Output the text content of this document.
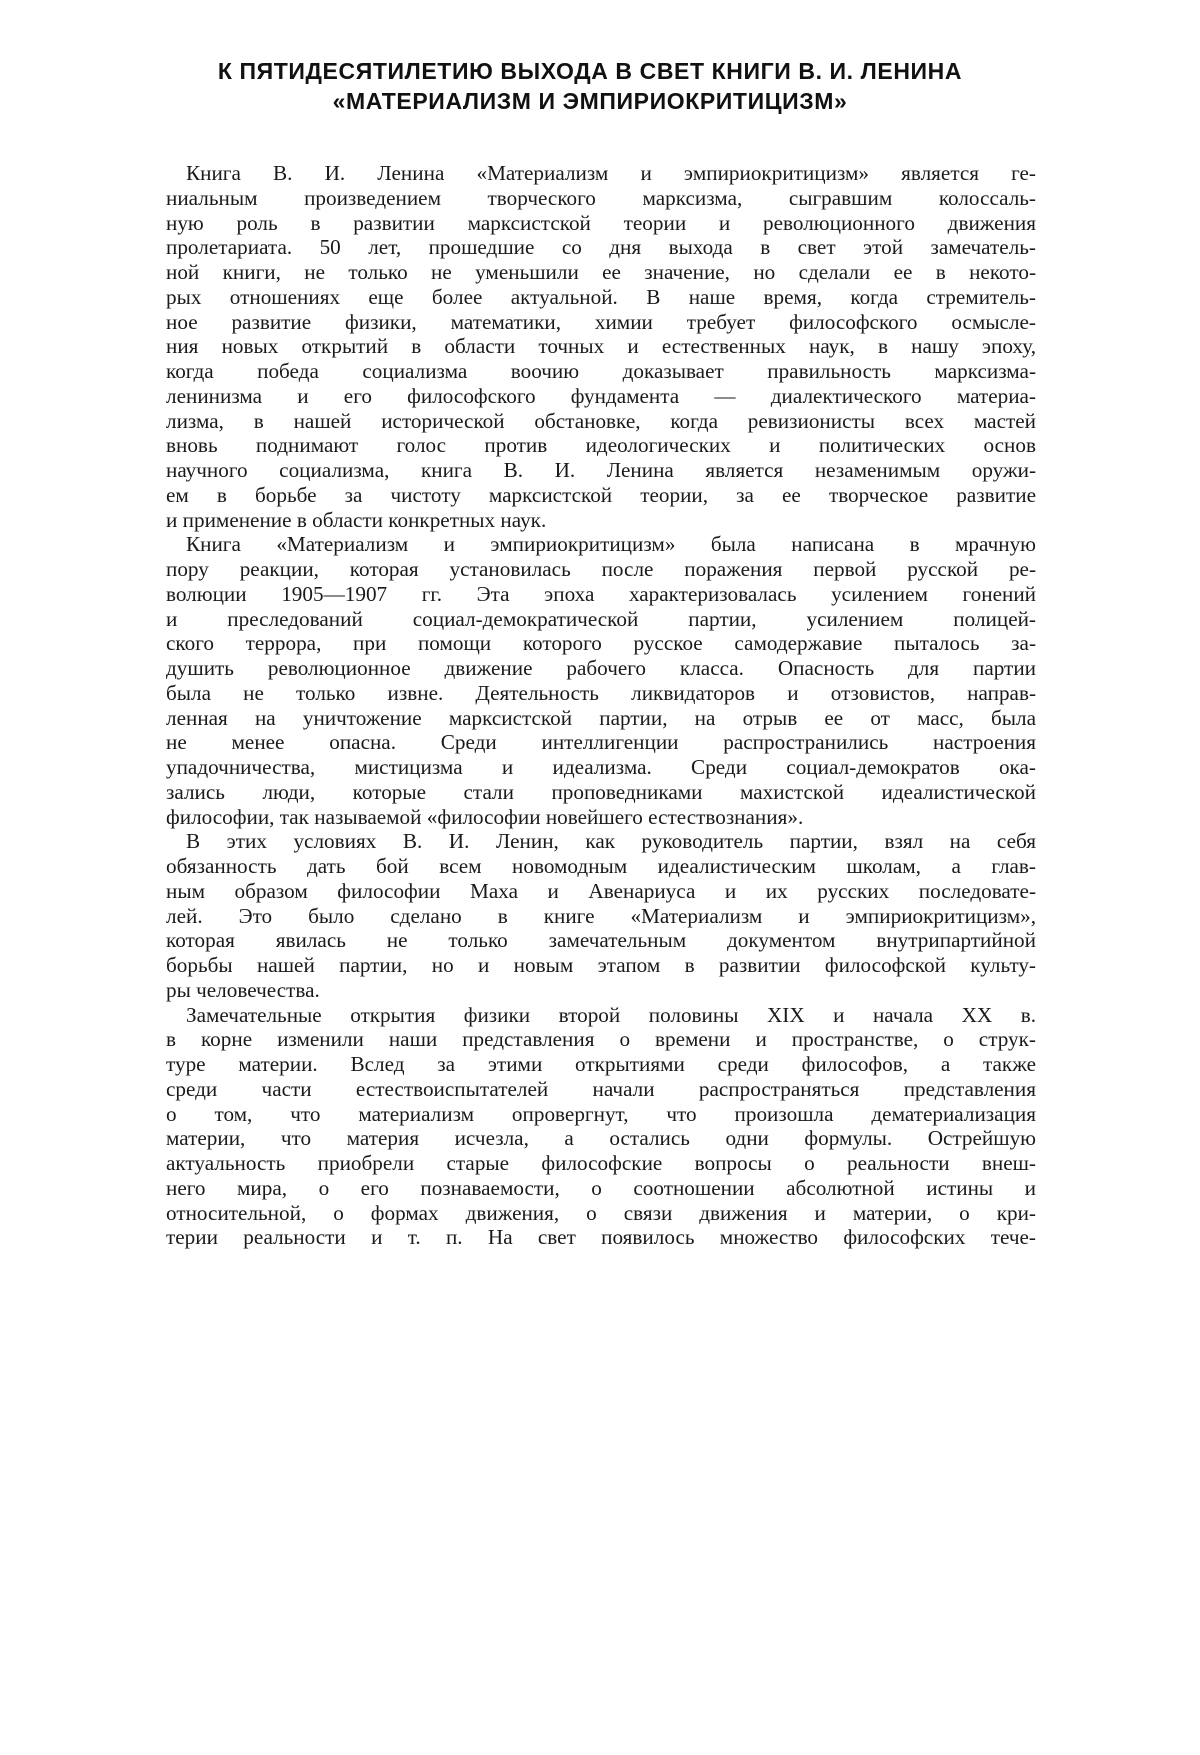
К ПЯТИДЕСЯТИЛЕТИЮ ВЫХОДА В СВЕТ КНИГИ В. И. ЛЕНИНА
«МАТЕРИАЛИЗМ И ЭМПИРИОКРИТИЦИЗМ»
Книга В. И. Ленина «Материализм и эмпириокритицизм» является ге-
ниальным произведением творческого марксизма, сыгравшим колоссаль-
ную роль в развитии марксистской теории и революционного движения
пролетариата. 50 лет, прошедшие со дня выхода в свет этой замечатель-
ной книги, не только не уменьшили ее значение, но сделали ее в некото-
рых отношениях еще более актуальной. В наше время, когда стремитель-
ное развитие физики, математики, химии требует философского осмысле-
ния новых открытий в области точных и естественных наук, в нашу эпоху,
когда победа социализма воочию доказывает правильность марксизма-
ленинизма и его философского фундамента — диалектического материа-
лизма, в нашей исторической обстановке, когда ревизионисты всех мастей
вновь поднимают голос против идеологических и политических основ
научного социализма, книга В. И. Ленина является незаменимым оружи-
ем в борьбе за чистоту марксистской теории, за ее творческое развитие
и применение в области конкретных наук.
Книга «Материализм и эмпириокритицизм» была написана в мрачную
пору реакции, которая установилась после поражения первой русской ре-
волюции 1905—1907 гг. Эта эпоха характеризовалась усилением гонений
и преследований социал-демократической партии, усилением полицей-
ского террора, при помощи которого русское самодержавие пыталось за-
душить революционное движение рабочего класса. Опасность для партии
была не только извне. Деятельность ликвидаторов и отзовистов, направ-
ленная на уничтожение марксистской партии, на отрыв ее от масс, была
не менее опасна. Среди интеллигенции распространились настроения
упадочничества, мистицизма и идеализма. Среди социал-демократов ока-
зались люди, которые стали проповедниками махистской идеалистической
философии, так называемой «философии новейшего естествознания».
В этих условиях В. И. Ленин, как руководитель партии, взял на себя
обязанность дать бой всем новомодным идеалистическим школам, а глав-
ным образом философии Маха и Авенариуса и их русских последовате-
лей. Это было сделано в книге «Материализм и эмпириокритицизм»,
которая явилась не только замечательным документом внутрипартийной
борьбы нашей партии, но и новым этапом в развитии философской культу-
ры человечества.
Замечательные открытия физики второй половины XIX и начала XX в.
в корне изменили наши представления о времени и пространстве, о струк-
туре материи. Вслед за этими открытиями среди философов, а также
среди части естествоиспытателей начали распространяться представления
о том, что материализм опровергнут, что произошла дематериализация
материи, что материя исчезла, а остались одни формулы. Острейшую
актуальность приобрели старые философские вопросы о реальности внеш-
него мира, о его познаваемости, о соотношении абсолютной истины и
относительной, о формах движения, о связи движения и материи, о кри-
терии реальности и т. п. На свет появилось множество философских тече-
